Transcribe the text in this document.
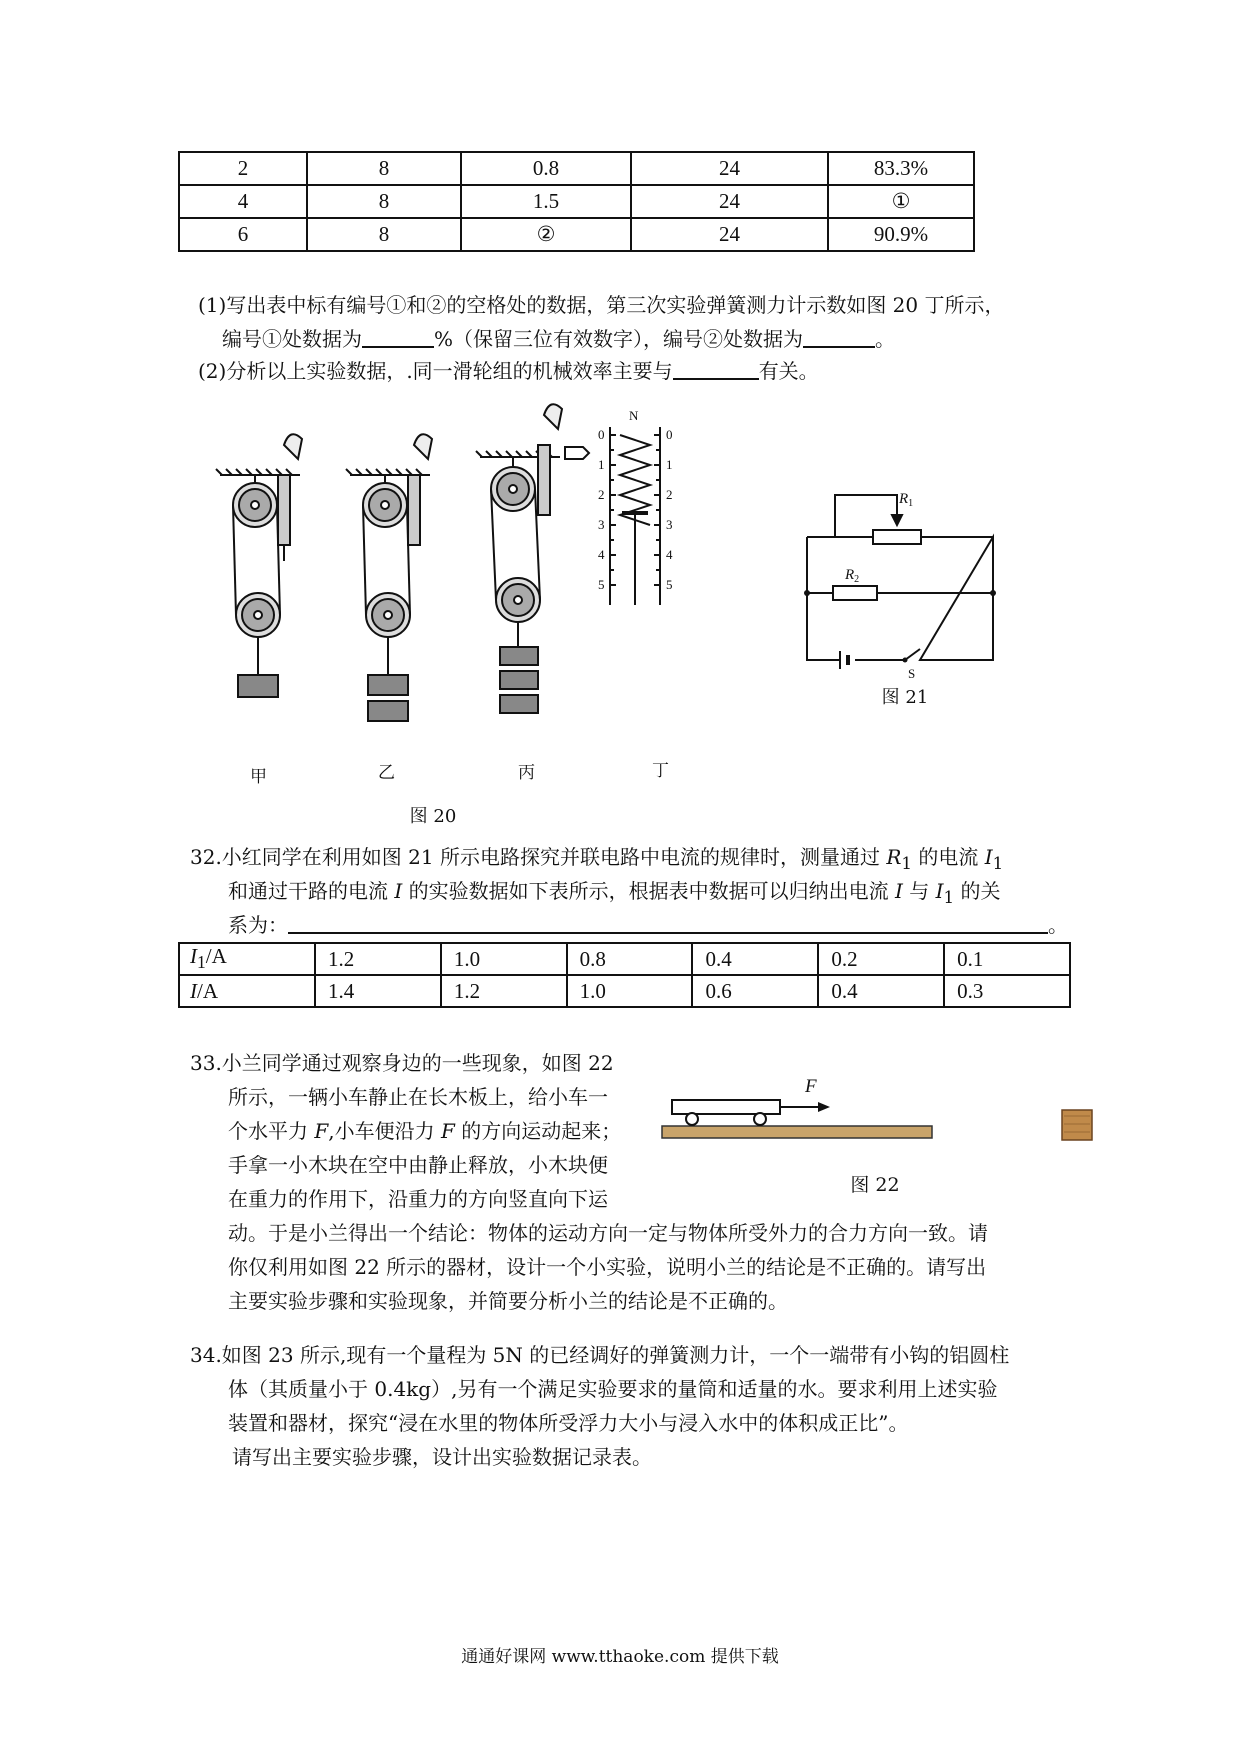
2	8	0.8	24	83.3%
4	8	1.5	24	①
6	8	②	24	90.9%
(1)写出表中标有编号①和②的空格处的数据，第三次实验弹簧测力计示数如图 20 丁所示，
编号①处数据为	%（保留三位有效数字），编号②处数据为	。
(2)分析以上实验数据，.同一滑轮组的机械效率主要与	有关。
N
0
1
2
3
4
5
0
1
2
3
4
5
甲	乙	丙	丁
图 20
$R_1$
$R_2$
S
图 21
32.小红同学在利用如图 21 所示电路探究并联电路中电流的规律时，测量通过 $R_1$ 的电流 $I_1$
和通过干路的电流 I 的实验数据如下表所示，根据表中数据可以归纳出电流 I 与 $I_1$ 的关
系为：	。
$I_1/A$	1.2	1.0	0.8	0.4	0.2	0.1
I/A	1.4	1.2	1.0	0.6	0.4	0.3
33.小兰同学通过观察身边的一些现象，如图 22
所示，一辆小车静止在长木板上，给小车一
个水平力 F,小车便沿力 F 的方向运动起来；
手拿一小木块在空中由静止释放，小木块便
在重力的作用下，沿重力的方向竖直向下运
动。于是小兰得出一个结论：物体的运动方向一定与物体所受外力的合力方向一致。请
你仅利用如图 22 所示的器材，设计一个小实验，说明小兰的结论是不正确的。请写出
主要实验步骤和实验现象，并简要分析小兰的结论是不正确的。
F
图 22
34.如图 23 所示,现有一个量程为 5N 的已经调好的弹簧测力计，一个一端带有小钩的铝圆柱
体（其质量小于 0.4kg）,另有一个满足实验要求的量筒和适量的水。要求利用上述实验
装置和器材，探究“浸在水里的物体所受浮力大小与浸入水中的体积成正比”。
请写出主要实验步骤，设计出实验数据记录表。
通通好课网 www.tthaoke.com 提供下载
